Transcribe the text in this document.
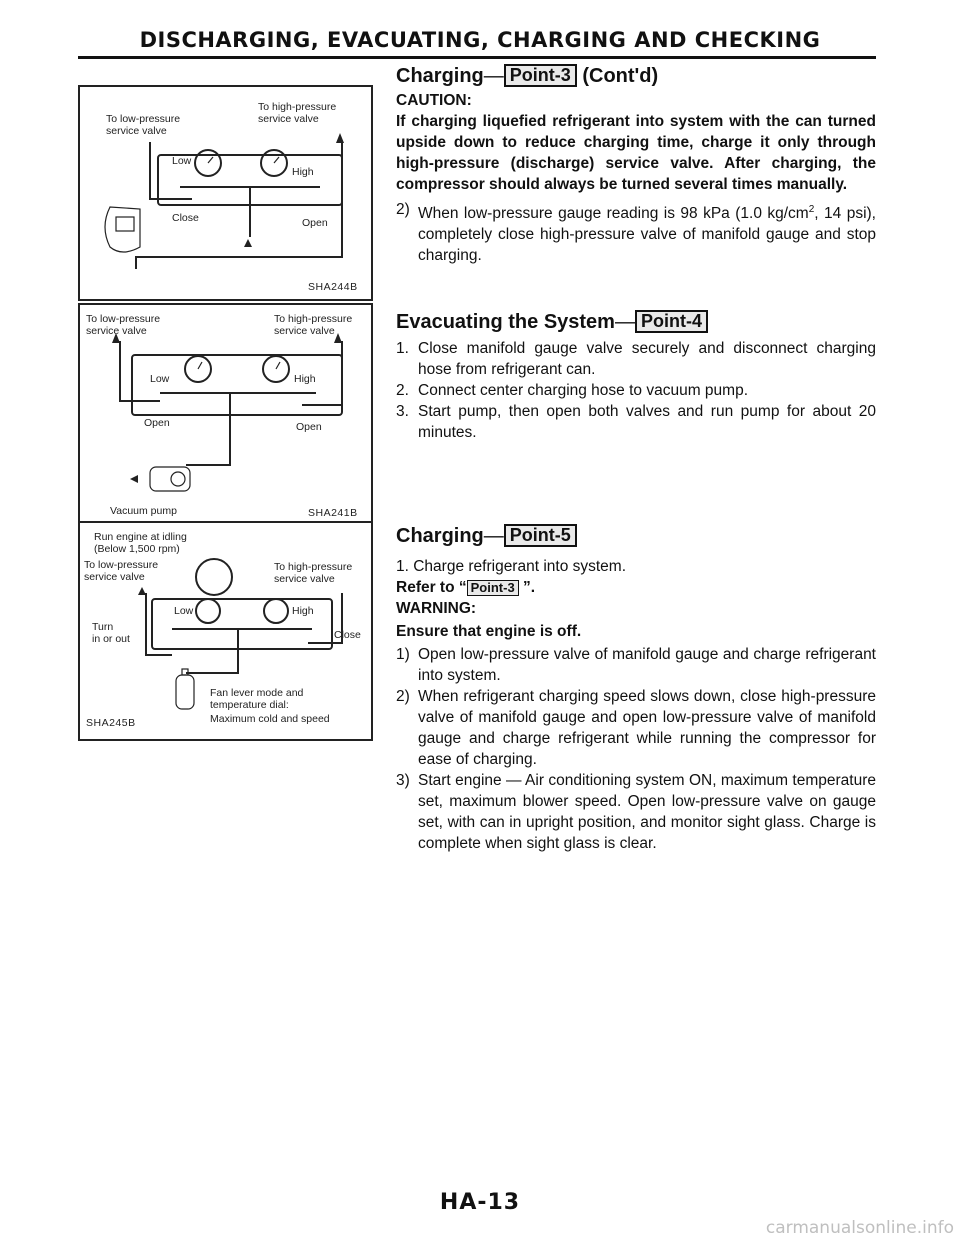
DISCHARGING, EVACUATING, CHARGING AND CHECKING
To low-pressure
service valve
To high-pressure
service valve
Low
High
Close	Open
SHA244B
To low-pressure
service valve
To high-pressure
service valve
Low	High
Open	Open
Vacuum pump	SHA241B
Run engine at idling
(Below 1,500 rpm)
To low-pressure
service valve
To high-pressure
service valve
Low	High
Turn
in or out	Close
Fan lever mode and
temperature dial:
Maximum cold and speed
SHA245B
Charging— Point-3 (Cont'd)

CAUTION:

If charging liquefied refrigerant into system with the can turned upside down to reduce charging time, charge it only through high-pressure (discharge) service valve. After charging, the compressor should always be turned several times manually.

2) When low-pressure gauge reading is 98 kPa (1.0 $kg/cm^2$, 14 psi), completely close high-pressure valve of manifold gauge and stop charging.
Evacuating the System— Point-4
1. Close manifold gauge valve securely and disconnect charging hose from refrigerant can.
2. Connect center charging hose to vacuum pump.
3. Start pump, then open both valves and run pump for about 20 minutes.
Charging— Point-5

1. Charge refrigerant into system.

Refer to “ Point-3 ”.

WARNING:

Ensure that engine is off.

1) Open low-pressure valve of manifold gauge and charge refrigerant into system.
2) When refrigerant charging speed slows down, close high-pressure valve of manifold gauge and open low-pressure valve of manifold gauge and charge refrigerant while running the compressor for ease of charging.
3) Start engine — Air conditioning system ON, maximum temperature set, maximum blower speed. Open low-pressure valve on gauge set, with can in upright position, and monitor sight glass. Charge is complete when sight glass is clear.
HA-13
carmanualsonline.info
